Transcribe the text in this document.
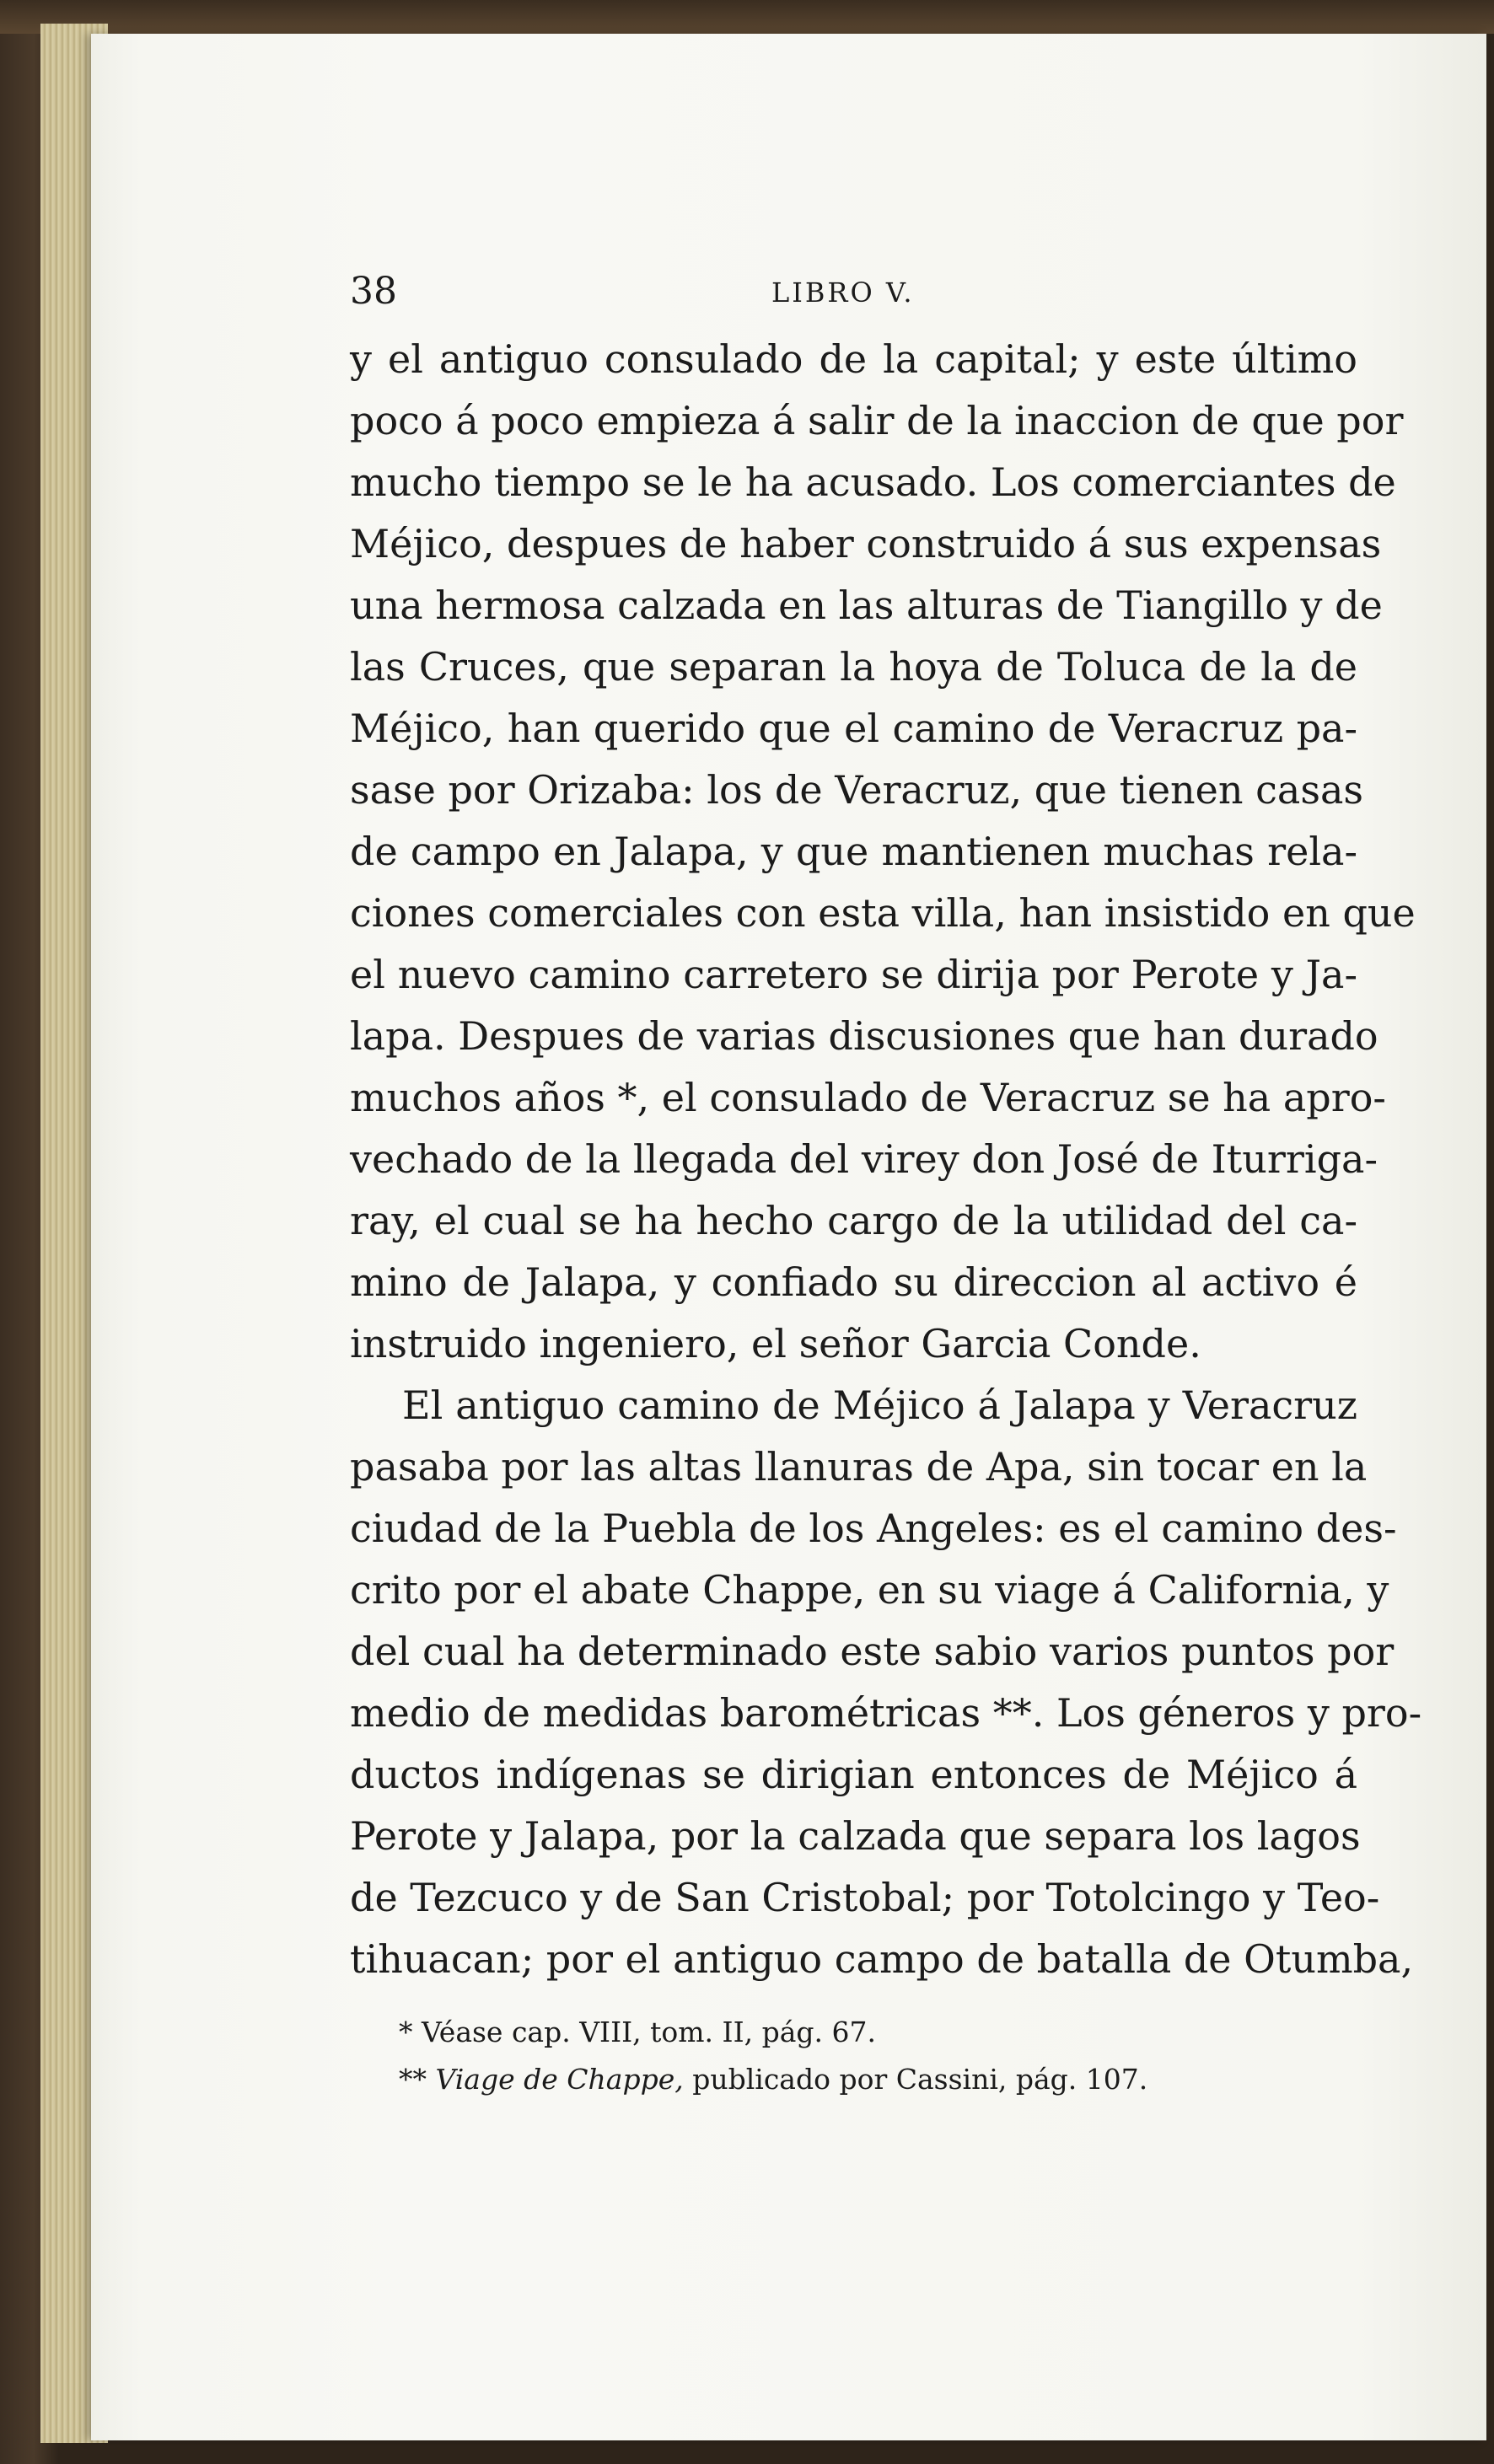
38	LIBRO V.
y el antiguo consulado de la capital; y este último
poco á poco empieza á salir de la inaccion de que por
mucho tiempo se le ha acusado. Los comerciantes de
Méjico, despues de haber construido á sus expensas
una hermosa calzada en las alturas de Tiangillo y de
las Cruces, que separan la hoya de Toluca de la de
Méjico, han querido que el camino de Veracruz pa-
sase por Orizaba: los de Veracruz, que tienen casas
de campo en Jalapa, y que mantienen muchas rela-
ciones comerciales con esta villa, han insistido en que
el nuevo camino carretero se dirija por Perote y Ja-
lapa. Despues de varias discusiones que han durado
muchos años *, el consulado de Veracruz se ha apro-
vechado de la llegada del virey don José de Iturriga-
ray, el cual se ha hecho cargo de la utilidad del ca-
mino de Jalapa, y confiado su direccion al activo é
instruido ingeniero, el señor Garcia Conde.
El antiguo camino de Méjico á Jalapa y Veracruz
pasaba por las altas llanuras de Apa, sin tocar en la
ciudad de la Puebla de los Angeles: es el camino des-
crito por el abate Chappe, en su viage á California, y
del cual ha determinado este sabio varios puntos por
medio de medidas barométricas **. Los géneros y pro-
ductos indígenas se dirigian entonces de Méjico á
Perote y Jalapa, por la calzada que separa los lagos
de Tezcuco y de San Cristobal; por Totolcingo y Teo-
tihuacan; por el antiguo campo de batalla de Otumba,
* Véase cap. VIII, tom. II, pág. 67.
** Viage de Chappe, publicado por Cassini, pág. 107.
